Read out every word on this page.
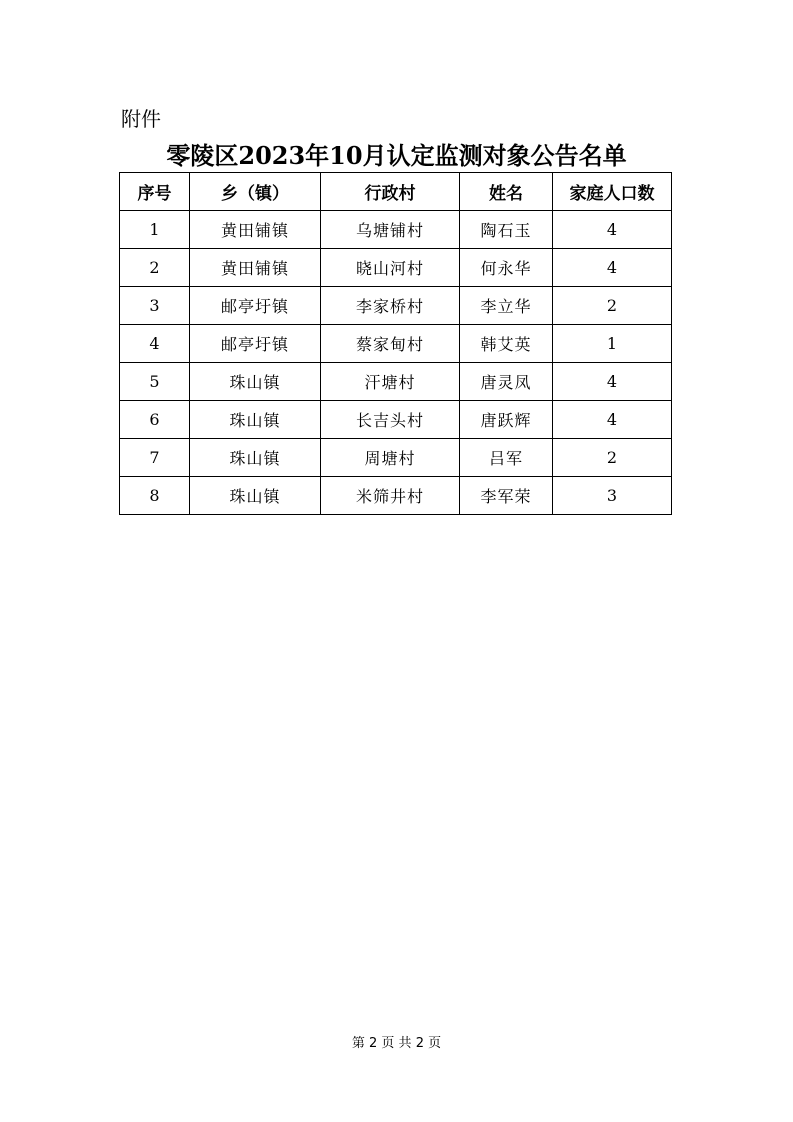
附件
零陵区2023年10月认定监测对象公告名单
序号	乡（镇）	行政村	姓名	家庭人口数
1	黄田铺镇	乌塘铺村	陶石玉	4
2	黄田铺镇	晓山河村	何永华	4
3	邮亭圩镇	李家桥村	李立华	2
4	邮亭圩镇	蔡家甸村	韩艾英	1
5	珠山镇	汗塘村	唐灵凤	4
6	珠山镇	长吉头村	唐跃辉	4
7	珠山镇	周塘村	吕军	2
8	珠山镇	米筛井村	李军荣	3
第 2 页 共 2 页
